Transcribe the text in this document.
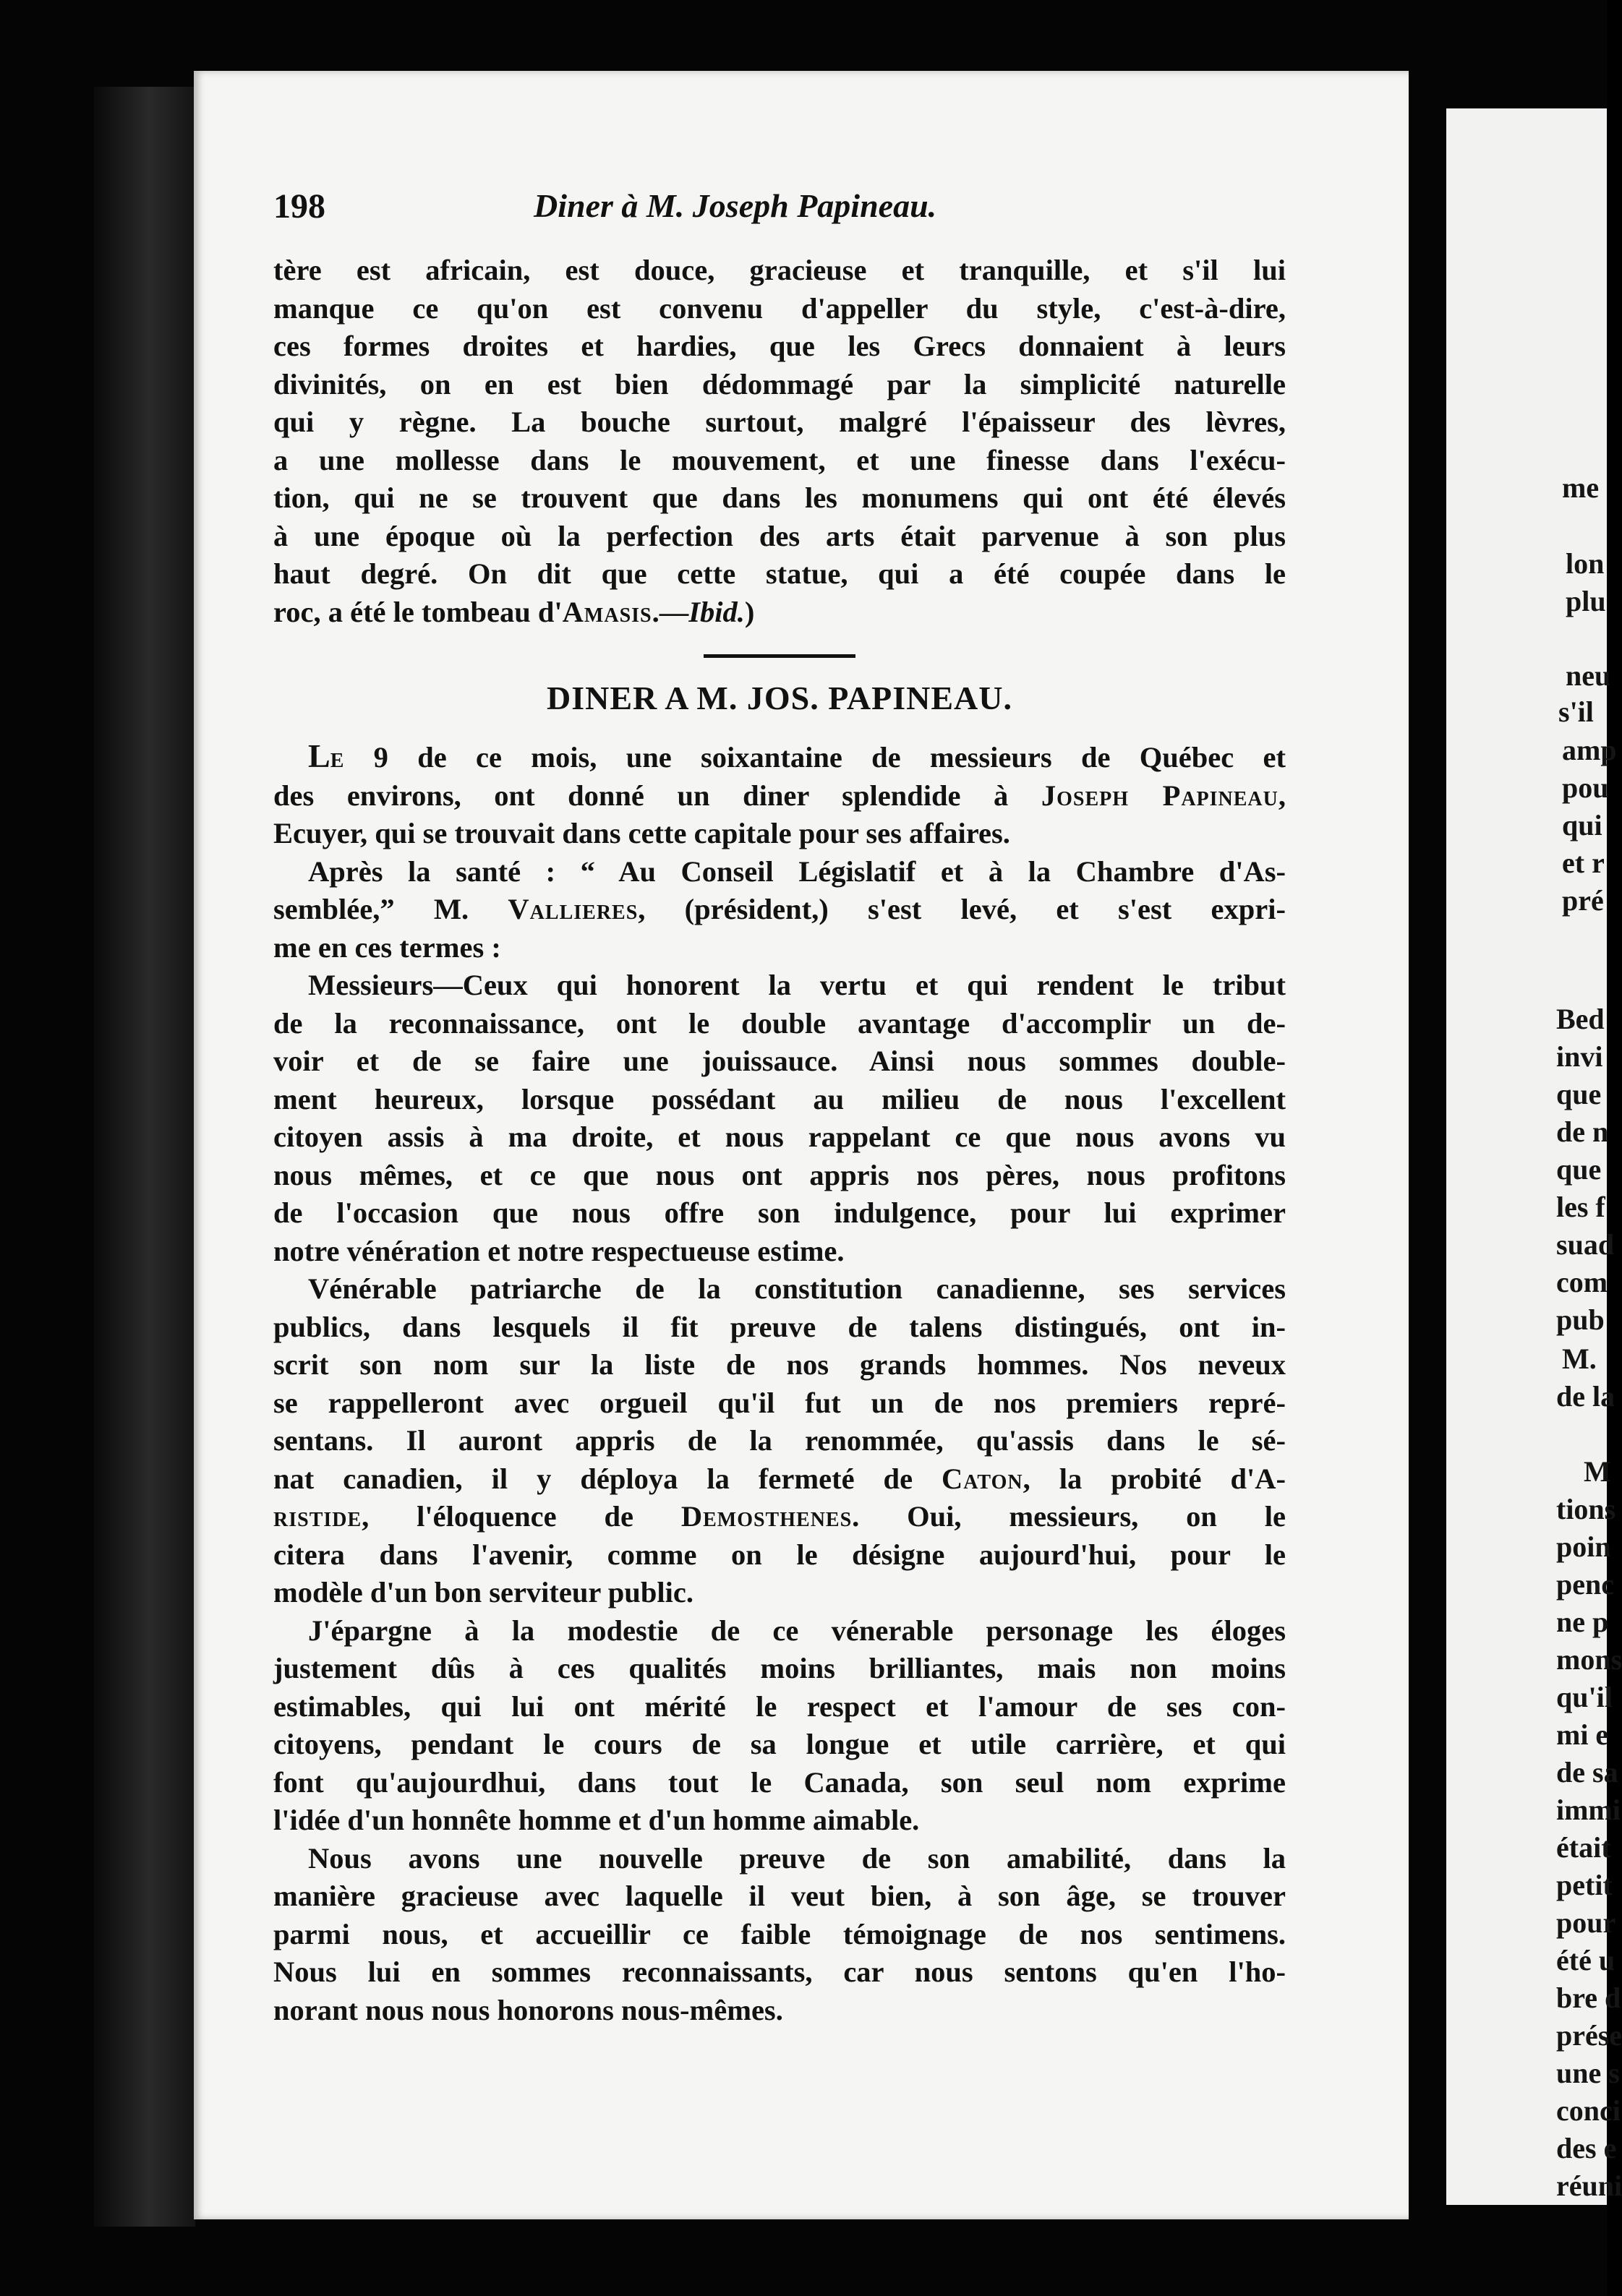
me
lon
plu
neu
s'il
amp
pou
qui
et r
pré
Bed
invi
que
de n
que
les f
suad
com
pub
M.
de la
M
tions
poin
penc
ne p
mons
qu'il
mi e
de sa
immi
était
petit
pour
été u
bre d
prése
une s
conci
des e
réuni
198	Diner à M. Joseph Papineau.

tère est africain, est douce, gracieuse et tranquille, et s'il lui

manque ce qu'on est convenu d'appeller du style, c'est-à-dire,

ces formes droites et hardies, que les Grecs donnaient à leurs

divinités, on en est bien dédommagé par la simplicité naturelle

qui y règne. La bouche surtout, malgré l'épaisseur des lèvres,

a une mollesse dans le mouvement, et une finesse dans l'exécu-

tion, qui ne se trouvent que dans les monumens qui ont été élevés

à une époque où la perfection des arts était parvenue à son plus

haut degré. On dit que cette statue, qui a été coupée dans le

roc, a été le tombeau d'Amasis.—Ibid.)

DINER A M. JOS. PAPINEAU.

Le 9 de ce mois, une soixantaine de messieurs de Québec et

des environs, ont donné un diner splendide à Joseph Papineau,

Ecuyer, qui se trouvait dans cette capitale pour ses affaires.

Après la santé : “ Au Conseil Législatif et à la Chambre d'As-

semblée,” M. Vallieres, (président,) s'est levé, et s'est expri-

me en ces termes :

Messieurs—Ceux qui honorent la vertu et qui rendent le tribut

de la reconnaissance, ont le double avantage d'accomplir un de-

voir et de se faire une jouissauce. Ainsi nous sommes double-

ment heureux, lorsque possédant au milieu de nous l'excellent

citoyen assis à ma droite, et nous rappelant ce que nous avons vu

nous mêmes, et ce que nous ont appris nos pères, nous profitons

de l'occasion que nous offre son indulgence, pour lui exprimer

notre vénération et notre respectueuse estime.

Vénérable patriarche de la constitution canadienne, ses services

publics, dans lesquels il fit preuve de talens distingués, ont in-

scrit son nom sur la liste de nos grands hommes. Nos neveux

se rappelleront avec orgueil qu'il fut un de nos premiers repré-

sentans. Il auront appris de la renommée, qu'assis dans le sé-

nat canadien, il y déploya la fermeté de Caton, la probité d'A-

ristide, l'éloquence de Demosthenes. Oui, messieurs, on le

citera dans l'avenir, comme on le désigne aujourd'hui, pour le

modèle d'un bon serviteur public.

J'épargne à la modestie de ce vénerable personage les éloges

justement dûs à ces qualités moins brilliantes, mais non moins

estimables, qui lui ont mérité le respect et l'amour de ses con-

citoyens, pendant le cours de sa longue et utile carrière, et qui

font qu'aujourdhui, dans tout le Canada, son seul nom exprime

l'idée d'un honnête homme et d'un homme aimable.

Nous avons une nouvelle preuve de son amabilité, dans la

manière gracieuse avec laquelle il veut bien, à son âge, se trouver

parmi nous, et accueillir ce faible témoignage de nos sentimens.

Nous lui en sommes reconnaissants, car nous sentons qu'en l'ho-

norant nous nous honorons nous-mêmes.
